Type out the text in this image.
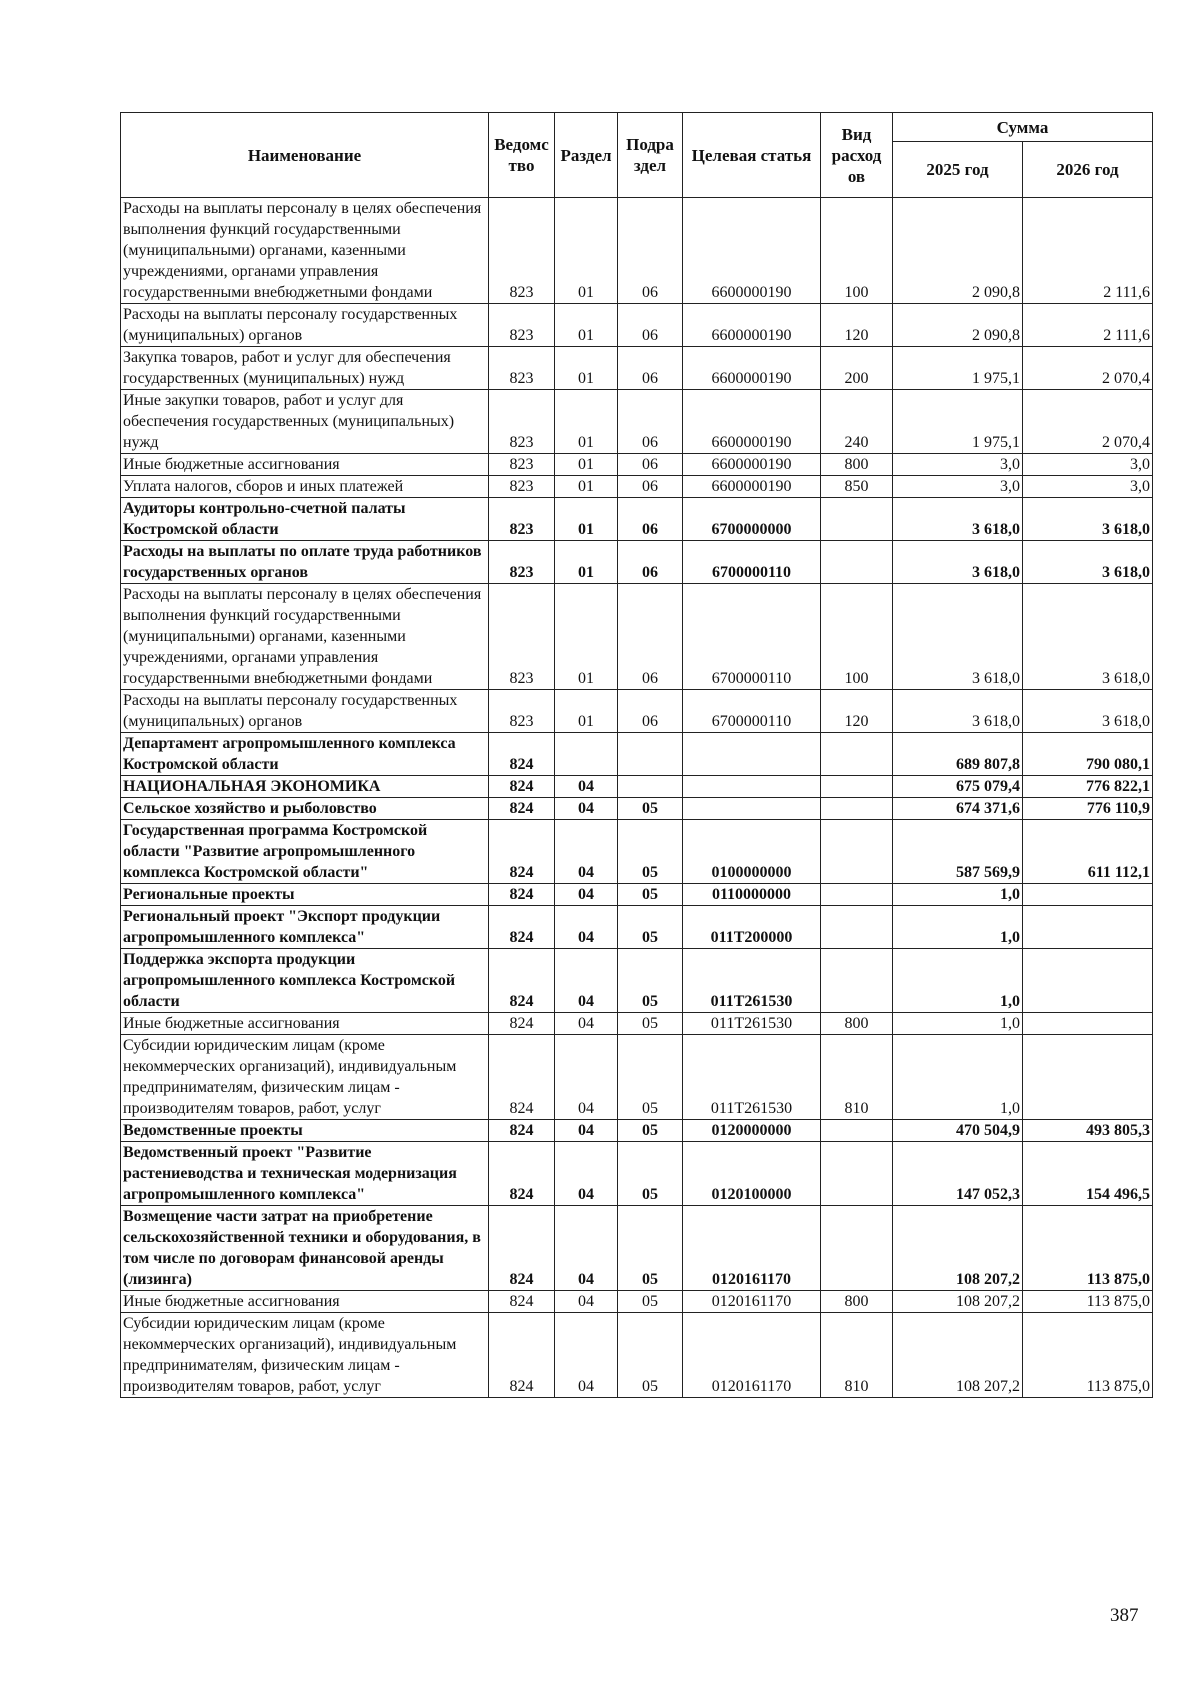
Наименование	Ведомс тво	Раздел	Подра здел	Целевая статья	Вид расход ов	Сумма	
						2025 год	2026 год
Расходы на выплаты персоналу в целях обеспечения выполнения функций государственными (муниципальными) органами, казенными учреждениями, органами управления государственными внебюджетными фондами	823	01	06	6600000190	100	2 090,8	2 111,6
Расходы на выплаты персоналу государственных (муниципальных) органов	823	01	06	6600000190	120	2 090,8	2 111,6
Закупка товаров, работ и услуг для обеспечения государственных (муниципальных) нужд	823	01	06	6600000190	200	1 975,1	2 070,4
Иные закупки товаров, работ и услуг для обеспечения государственных (муниципальных) нужд	823	01	06	6600000190	240	1 975,1	2 070,4
Иные бюджетные ассигнования	823	01	06	6600000190	800	3,0	3,0
Уплата налогов, сборов и иных платежей	823	01	06	6600000190	850	3,0	3,0
Аудиторы контрольно-счетной палаты Костромской области	823	01	06	6700000000		3 618,0	3 618,0
Расходы на выплаты по оплате труда работников государственных органов	823	01	06	6700000110		3 618,0	3 618,0
Расходы на выплаты персоналу в целях обеспечения выполнения функций государственными (муниципальными) органами, казенными учреждениями, органами управления государственными внебюджетными фондами	823	01	06	6700000110	100	3 618,0	3 618,0
Расходы на выплаты персоналу государственных (муниципальных) органов	823	01	06	6700000110	120	3 618,0	3 618,0
Департамент агропромышленного комплекса Костромской области	824					689 807,8	790 080,1
НАЦИОНАЛЬНАЯ ЭКОНОМИКА	824	04				675 079,4	776 822,1
Сельское хозяйство и рыболовство	824	04	05			674 371,6	776 110,9
Государственная программа Костромской области "Развитие агропромышленного комплекса Костромской области"	824	04	05	0100000000		587 569,9	611 112,1
Региональные проекты	824	04	05	0110000000		1,0	
Региональный проект "Экспорт продукции агропромышленного комплекса"	824	04	05	011Т200000		1,0	
Поддержка экспорта продукции агропромышленного комплекса Костромской области	824	04	05	011Т261530		1,0	
Иные бюджетные ассигнования	824	04	05	011Т261530	800	1,0	
Субсидии юридическим лицам (кроме некоммерческих организаций), индивидуальным предпринимателям, физическим лицам - производителям товаров, работ, услуг	824	04	05	011Т261530	810	1,0	
Ведомственные проекты	824	04	05	0120000000		470 504,9	493 805,3
Ведомственный проект "Развитие растениеводства и техническая модернизация агропромышленного комплекса"	824	04	05	0120100000		147 052,3	154 496,5
Возмещение части затрат на приобретение сельскохозяйственной техники и оборудования, в том числе по договорам финансовой аренды (лизинга)	824	04	05	0120161170		108 207,2	113 875,0
Иные бюджетные ассигнования	824	04	05	0120161170	800	108 207,2	113 875,0
Субсидии юридическим лицам (кроме некоммерческих организаций), индивидуальным предпринимателям, физическим лицам - производителям товаров, работ, услуг	824	04	05	0120161170	810	108 207,2	113 875,0
387
